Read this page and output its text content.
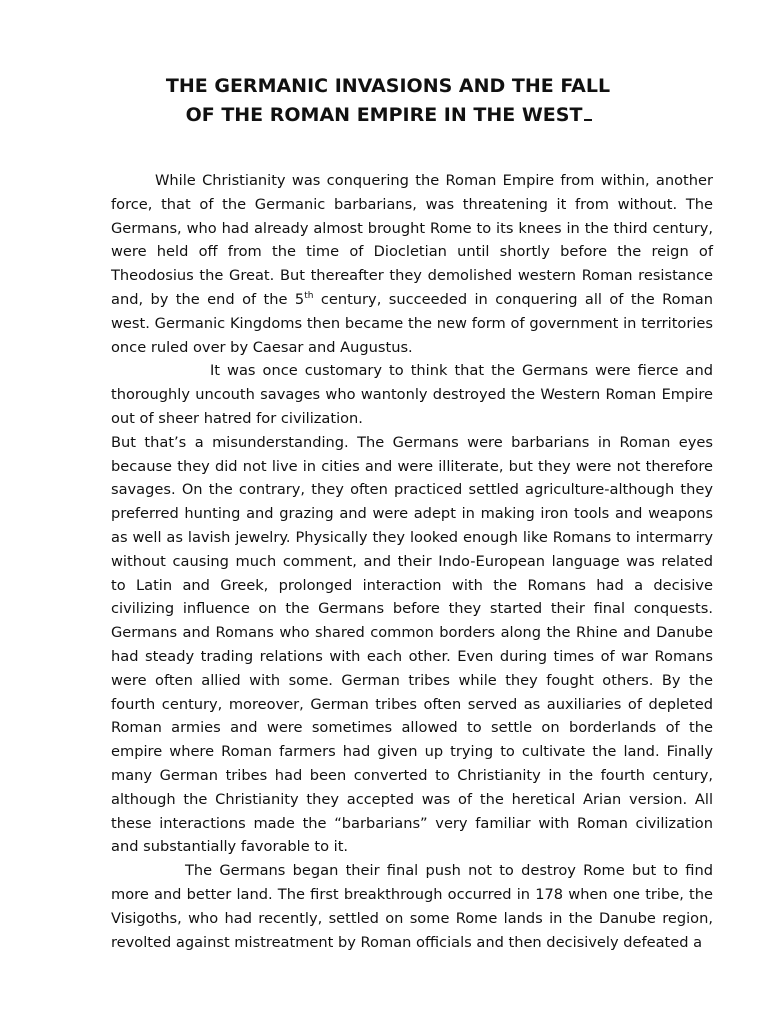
THE GERMANIC INVASIONS AND THE FALL
OF THE ROMAN EMPIRE IN THE WEST

While Christianity was conquering the Roman Empire from within, another force, that of the Germanic barbarians, was threatening it from without. The Germans, who had already almost brought Rome to its knees in the third century, were held off from the time of Diocletian until shortly before the reign of Theodosius the Great. But thereafter they demolished western Roman resistance and, by the end of the 5th century, succeeded in conquering all of the Roman west. Germanic Kingdoms then became the new form of government in territories once ruled over by Caesar and Augustus.

It was once customary to think that the Germans were fierce and thoroughly uncouth savages who wantonly destroyed the Western Roman Empire out of sheer hatred for civilization.

But that’s a misunderstanding. The Germans were barbarians in Roman eyes because they did not live in cities and were illiterate, but they were not therefore savages. On the contrary, they often practiced settled agriculture-although they preferred hunting and grazing and were adept in making iron tools and weapons as well as lavish jewelry. Physically they looked enough like Romans to intermarry without causing much comment, and their Indo-European language was related to Latin and Greek, prolonged interaction with the Romans had a decisive civilizing influence on the Germans before they started their final conquests. Germans and Romans who shared common borders along the Rhine and Danube had steady trading relations with each other. Even during times of war Romans were often allied with some. German tribes while they fought others. By the fourth century, moreover, German tribes often served as auxiliaries of depleted Roman armies and were sometimes allowed to settle on borderlands of the empire where Roman farmers had given up trying to cultivate the land. Finally many German tribes had been converted to Christianity in the fourth century, although the Christianity they accepted was of the heretical Arian version. All these interactions made the “barbarians” very familiar with Roman civilization and substantially favorable to it.

The Germans began their final push not to destroy Rome but to find more and better land. The first breakthrough occurred in 178 when one tribe, the Visigoths, who had recently, settled on some Rome lands in the Danube region, revolted against mistreatment by Roman officials and then decisively defeated a
